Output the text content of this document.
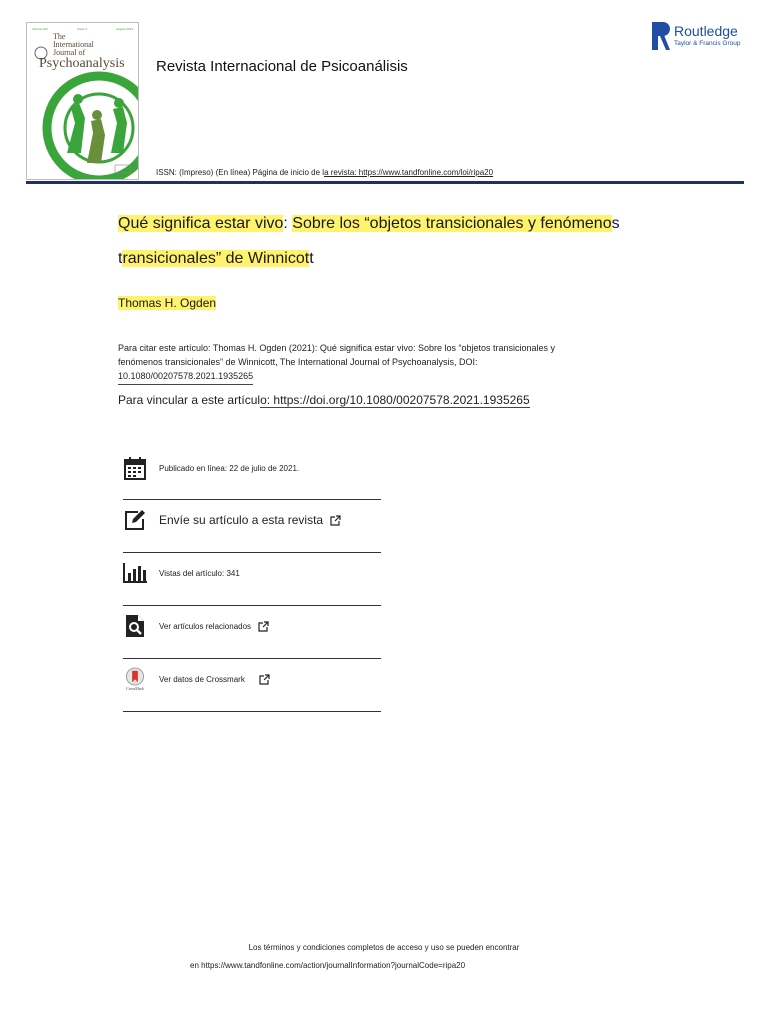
Volume 102	Issue 4	August 2021
The
International
Journal of
Psychoanalysis Revista Internacional de Psicoanálisis
ISSN: (Impreso) (En línea) Página de inicio de la revista: https://www.tandfonline.com/loi/ripa20
Routledge
Taylor & Francis Group
Qué significa estar vivo: Sobre los “objetos transicionales y fenómenos
transicionales” de Winnicott
Thomas H. Ogden
Para citar este artículo: Thomas H. Ogden (2021): Qué significa estar vivo: Sobre los “objetos transicionales y fenómenos transicionales” de Winnicott, The International Journal of Psychoanalysis, DOI:
10.1080/00207578.2021.1935265
Para vincular a este artículo: https://doi.org/10.1080/00207578.2021.1935265
Publicado en línea: 22 de julio de 2021.
Envíe su artículo a esta revista
Vistas del artículo: 341
Ver artículos relacionados
CrossMark
Ver datos de Crossmark
Los términos y condiciones completos de acceso y uso se pueden encontrar
en https://www.tandfonline.com/action/journalInformation?journalCode=ripa20
